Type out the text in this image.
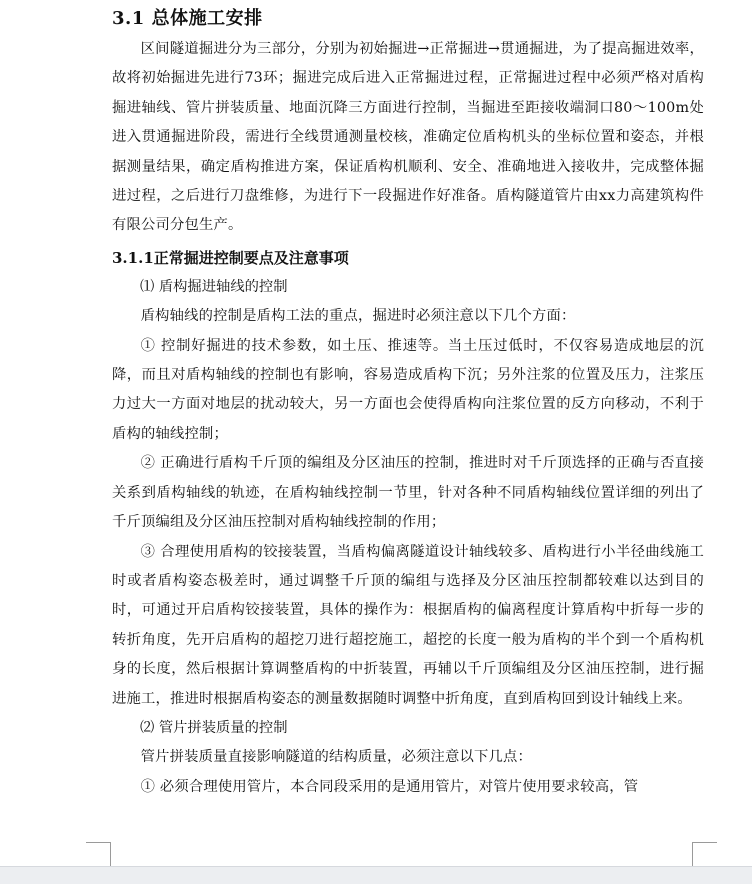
3.1 总体施工安排

区间隧道掘进分为三部分，分别为初始掘进→正常掘进→贯通掘进，为了提高掘进效率，故将初始掘进先进行73环；掘进完成后进入正常掘进过程，正常掘进过程中必须严格对盾构掘进轴线、管片拼装质量、地面沉降三方面进行控制，当掘进至距接收端洞口80～100m处进入贯通掘进阶段，需进行全线贯通测量校核，准确定位盾构机头的坐标位置和姿态，并根据测量结果，确定盾构推进方案，保证盾构机顺利、安全、准确地进入接收井，完成整体掘进过程，之后进行刀盘维修，为进行下一段掘进作好准备。盾构隧道管片由xx力高建筑构件有限公司分包生产。

3.1.1正常掘进控制要点及注意事项

⑴ 盾构掘进轴线的控制

盾构轴线的控制是盾构工法的重点，掘进时必须注意以下几个方面：

① 控制好掘进的技术参数，如土压、推速等。当土压过低时，不仅容易造成地层的沉降，而且对盾构轴线的控制也有影响，容易造成盾构下沉；另外注浆的位置及压力，注浆压力过大一方面对地层的扰动较大，另一方面也会使得盾构向注浆位置的反方向移动，不利于盾构的轴线控制；

② 正确进行盾构千斤顶的编组及分区油压的控制，推进时对千斤顶选择的正确与否直接关系到盾构轴线的轨迹，在盾构轴线控制一节里，针对各种不同盾构轴线位置详细的列出了千斤顶编组及分区油压控制对盾构轴线控制的作用；

③ 合理使用盾构的铰接装置，当盾构偏离隧道设计轴线较多、盾构进行小半径曲线施工时或者盾构姿态极差时，通过调整千斤顶的编组与选择及分区油压控制都较难以达到目的时，可通过开启盾构铰接装置，具体的操作为：根据盾构的偏离程度计算盾构中折每一步的转折角度，先开启盾构的超挖刀进行超挖施工，超挖的长度一般为盾构的半个到一个盾构机身的长度，然后根据计算调整盾构的中折装置，再辅以千斤顶编组及分区油压控制，进行掘进施工，推进时根据盾构姿态的测量数据随时调整中折角度，直到盾构回到设计轴线上来。

⑵ 管片拼装质量的控制

管片拼装质量直接影响隧道的结构质量，必须注意以下几点：

① 必须合理使用管片，本合同段采用的是通用管片，对管片使用要求较高，管
